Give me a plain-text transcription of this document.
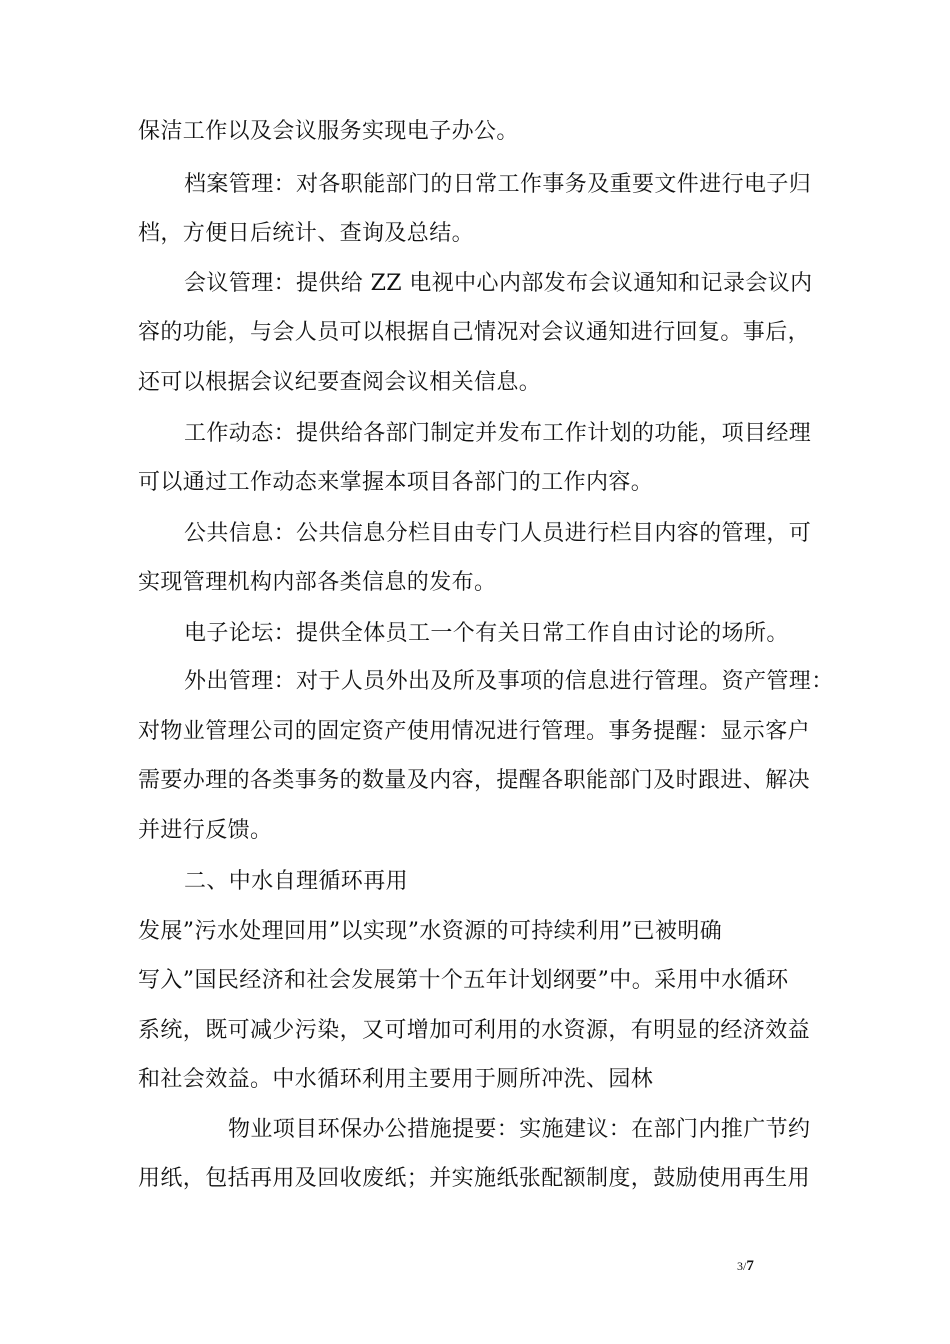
保洁工作以及会议服务实现电子办公。
档案管理：对各职能部门的日常工作事务及重要文件进行电子归
档，方便日后统计、查询及总结。
会议管理：提供给 ZZ 电视中心内部发布会议通知和记录会议内
容的功能，与会人员可以根据自己情况对会议通知进行回复。事后，
还可以根据会议纪要查阅会议相关信息。
工作动态：提供给各部门制定并发布工作计划的功能，项目经理
可以通过工作动态来掌握本项目各部门的工作内容。
公共信息：公共信息分栏目由专门人员进行栏目内容的管理，可
实现管理机构内部各类信息的发布。
电子论坛：提供全体员工一个有关日常工作自由讨论的场所。
外出管理：对于人员外出及所及事项的信息进行管理。资产管理：
对物业管理公司的固定资产使用情况进行管理。事务提醒：显示客户
需要办理的各类事务的数量及内容，提醒各职能部门及时跟进、解决
并进行反馈。
二、中水自理循环再用
发展”污水处理回用”以实现”水资源的可持续利用”已被明确
写入”国民经济和社会发展第十个五年计划纲要”中。采用中水循环
系统，既可减少污染，又可增加可利用的水资源，有明显的经济效益
和社会效益。中水循环利用主要用于厕所冲洗、园林
物业项目环保办公措施提要：实施建议：在部门内推广节约
用纸，包括再用及回收废纸；并实施纸张配额制度，鼓励使用再生用
3/7
